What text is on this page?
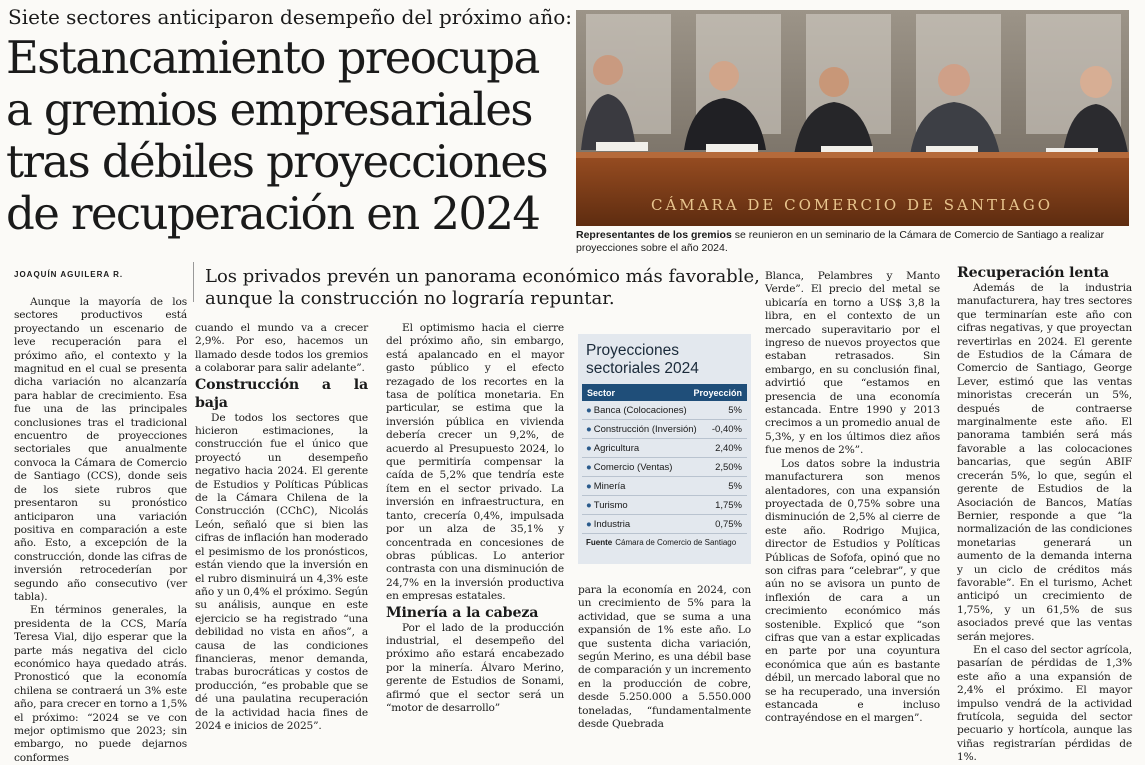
Siete sectores anticiparon desempeño del próximo año:
Estancamiento preocupa
a gremios empresariales
tras débiles proyecciones
de recuperación en 2024	CÁMARA DE COMERCIO DE SANTIAGO
Representantes de los gremios se reunieron en un seminario de la Cámara de Comercio de Santiago a realizar proyecciones sobre el año 2024.
JOAQUÍN AGUILERA R.	Los privados prevén un panorama económico más favorable,
aunque la construcción no lograría repuntar.

Aunque la mayoría de los sectores productivos está proyectando un escenario de leve recuperación para el próximo año, el contexto y la magnitud en el cual se presenta dicha variación no alcanzaría para hablar de crecimiento. Esa fue una de las principales conclusiones tras el tradicional encuentro de proyecciones sectoriales que anualmente convoca la Cámara de Comercio de Santiago (CCS), donde seis de los siete rubros que presentaron su pronóstico anticiparon una variación positiva en comparación a este año. Esto, a excepción de la construcción, donde las cifras de inversión retrocederían por segundo año consecutivo (ver tabla).

En términos generales, la presidenta de la CCS, María Teresa Vial, dijo esperar que la parte más negativa del ciclo económico haya quedado atrás. Pronosticó que la economía chilena se contraerá un 3% este año, para crecer en torno a 1,5% el próximo: “2024 se ve con mejor optimismo que 2023; sin embargo, no puede dejarnos conformes

cuando el mundo va a crecer 2,9%. Por eso, hacemos un llamado desde todos los gremios a colaborar para salir adelante”.

Construcción a la baja

De todos los sectores que hicieron estimaciones, la construcción fue el único que proyectó un desempeño negativo hacia 2024. El gerente de Estudios y Políticas Públicas de la Cámara Chilena de la Construcción (CChC), Nicolás León, señaló que si bien las cifras de inflación han moderado el pesimismo de los pronósticos, están viendo que la inversión en el rubro disminuirá un 4,3% este año y un 0,4% el próximo. Según su análisis, aunque en este ejercicio se ha registrado “una debilidad no vista en años”, a causa de las condiciones financieras, menor demanda, trabas burocráticas y costos de producción, “es probable que se dé una paulatina recuperación de la actividad hacia fines de 2024 e inicios de 2025”.

El optimismo hacia el cierre del próximo año, sin embargo, está apalancado en el mayor gasto público y el efecto rezagado de los recortes en la tasa de política monetaria. En particular, se estima que la inversión pública en vivienda debería crecer un 9,2%, de acuerdo al Presupuesto 2024, lo que permitiría compensar la caída de 5,2% que tendría este ítem en el sector privado. La inversión en infraestructura, en tanto, crecería 0,4%, impulsada por un alza de 35,1% y concentrada en concesiones de obras públicas. Lo anterior contrasta con una disminución de 24,7% en la inversión productiva en empresas estatales.

Minería a la cabeza

Por el lado de la producción industrial, el desempeño del próximo año estará encabezado por la minería. Álvaro Merino, gerente de Estudios de Sonami, afirmó que el sector será un “motor de desarrollo”

Proyecciones
sectoriales 2024
Sector	Proyección
● Banca (Colocaciones)	5%
● Construcción (Inversión) -0,40%
● Agricultura	2,40%
● Comercio (Ventas)	2,50%
● Minería	5%
● Turismo	1,75%
● Industria	0,75%
Fuente Cámara de Comercio de Santiago

para la economía en 2024, con un crecimiento de 5% para la actividad, que se suma a una expansión de 1% este año. Lo que sustenta dicha variación, según Merino, es una débil base de comparación y un incremento en la producción de cobre, desde 5.250.000 a 5.550.000 toneladas, “fundamentalmente desde Quebrada

Blanca, Pelambres y Manto Verde”. El precio del metal se ubicaría en torno a US$ 3,8 la libra, en el contexto de un mercado superavitario por el ingreso de nuevos proyectos que estaban retrasados. Sin embargo, en su conclusión final, advirtió que “estamos en presencia de una economía estancada. Entre 1990 y 2013 crecimos a un promedio anual de 5,3%, y en los últimos diez años fue menos de 2%”.

Los datos sobre la industria manufacturera son menos alentadores, con una expansión proyectada de 0,75% sobre una disminución de 2,5% al cierre de este año. Rodrigo Mujica, director de Estudios y Políticas Públicas de Sofofa, opinó que no son cifras para “celebrar”, y que aún no se avisora un punto de inflexión de cara a un crecimiento económico más sostenible. Explicó que “son cifras que van a estar explicadas en parte por una coyuntura económica que aún es bastante débil, un mercado laboral que no se ha recuperado, una inversión estancada e incluso contrayéndose en el margen”.

Recuperación lenta

Además de la industria manufacturera, hay tres sectores que terminarían este año con cifras negativas, y que proyectan revertirlas en 2024. El gerente de Estudios de la Cámara de Comercio de Santiago, George Lever, estimó que las ventas minoristas crecerán un 5%, después de contraerse marginalmente este año. El panorama también será más favorable a las colocaciones bancarias, que según ABIF crecerán 5%, lo que, según el gerente de Estudios de la Asociación de Bancos, Matías Bernier, responde a que “la normalización de las condiciones monetarias generará un aumento de la demanda interna y un ciclo de créditos más favorable”. En el turismo, Achet anticipó un crecimiento de 1,75%, y un 61,5% de sus asociados prevé que las ventas serán mejores.

En el caso del sector agrícola, pasarían de pérdidas de 1,3% este año a una expansión de 2,4% el próximo. El mayor impulso vendrá de la actividad frutícola, seguida del sector pecuario y hortícola, aunque las viñas registrarían pérdidas de 1%.
